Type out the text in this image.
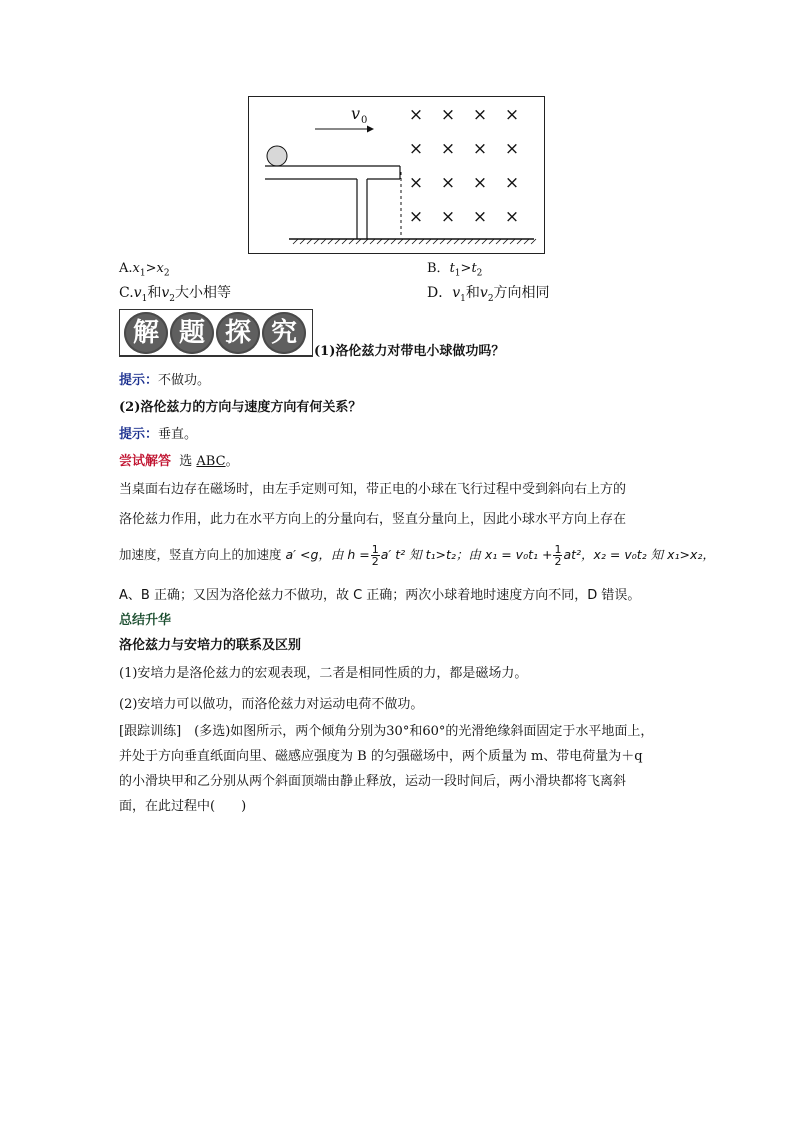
v 0 × × × ×
× × × ×
× × × ×
× × × ×
$A.x_1>x_2$	B．$t_1>t_2$
$C.v_1$和$v_2$大小相等	D．$v_1$和$v_2$方向相同
解 题 探 究
(1)洛伦兹力对带电小球做功吗？
提示：不做功。
(2)洛伦兹力的方向与速度方向有何关系？
提示：垂直。
尝试解答 选 ABC。
当桌面右边存在磁场时，由左手定则可知，带正电的小球在飞行过程中受到斜向右上方的
洛伦兹力作用，此力在水平方向上的分量向右，竖直分量向上，因此小球水平方向上存在
加速度，竖直方向上的加速度 a′ <g，由 $h = \frac{1}{2} a'$ t² 知 t₁>t₂；由 $x_1 = v_0t_1 + \frac{1}{2} at^2$，x₂ = v₀t₂ 知 x₁>x₂，
A、B 正确；又因为洛伦兹力不做功，故 C 正确；两次小球着地时速度方向不同，D 错误。
总结升华
洛伦兹力与安培力的联系及区别
(1)安培力是洛伦兹力的宏观表现，二者是相同性质的力，都是磁场力。
(2)安培力可以做功，而洛伦兹力对运动电荷不做功。
[跟踪训练]　(多选)如图所示，两个倾角分别为30°和60°的光滑绝缘斜面固定于水平地面上，
并处于方向垂直纸面向里、磁感应强度为 B 的匀强磁场中，两个质量为 m、带电荷量为＋q
的小滑块甲和乙分别从两个斜面顶端由静止释放，运动一段时间后，两小滑块都将飞离斜
面，在此过程中(　　)
